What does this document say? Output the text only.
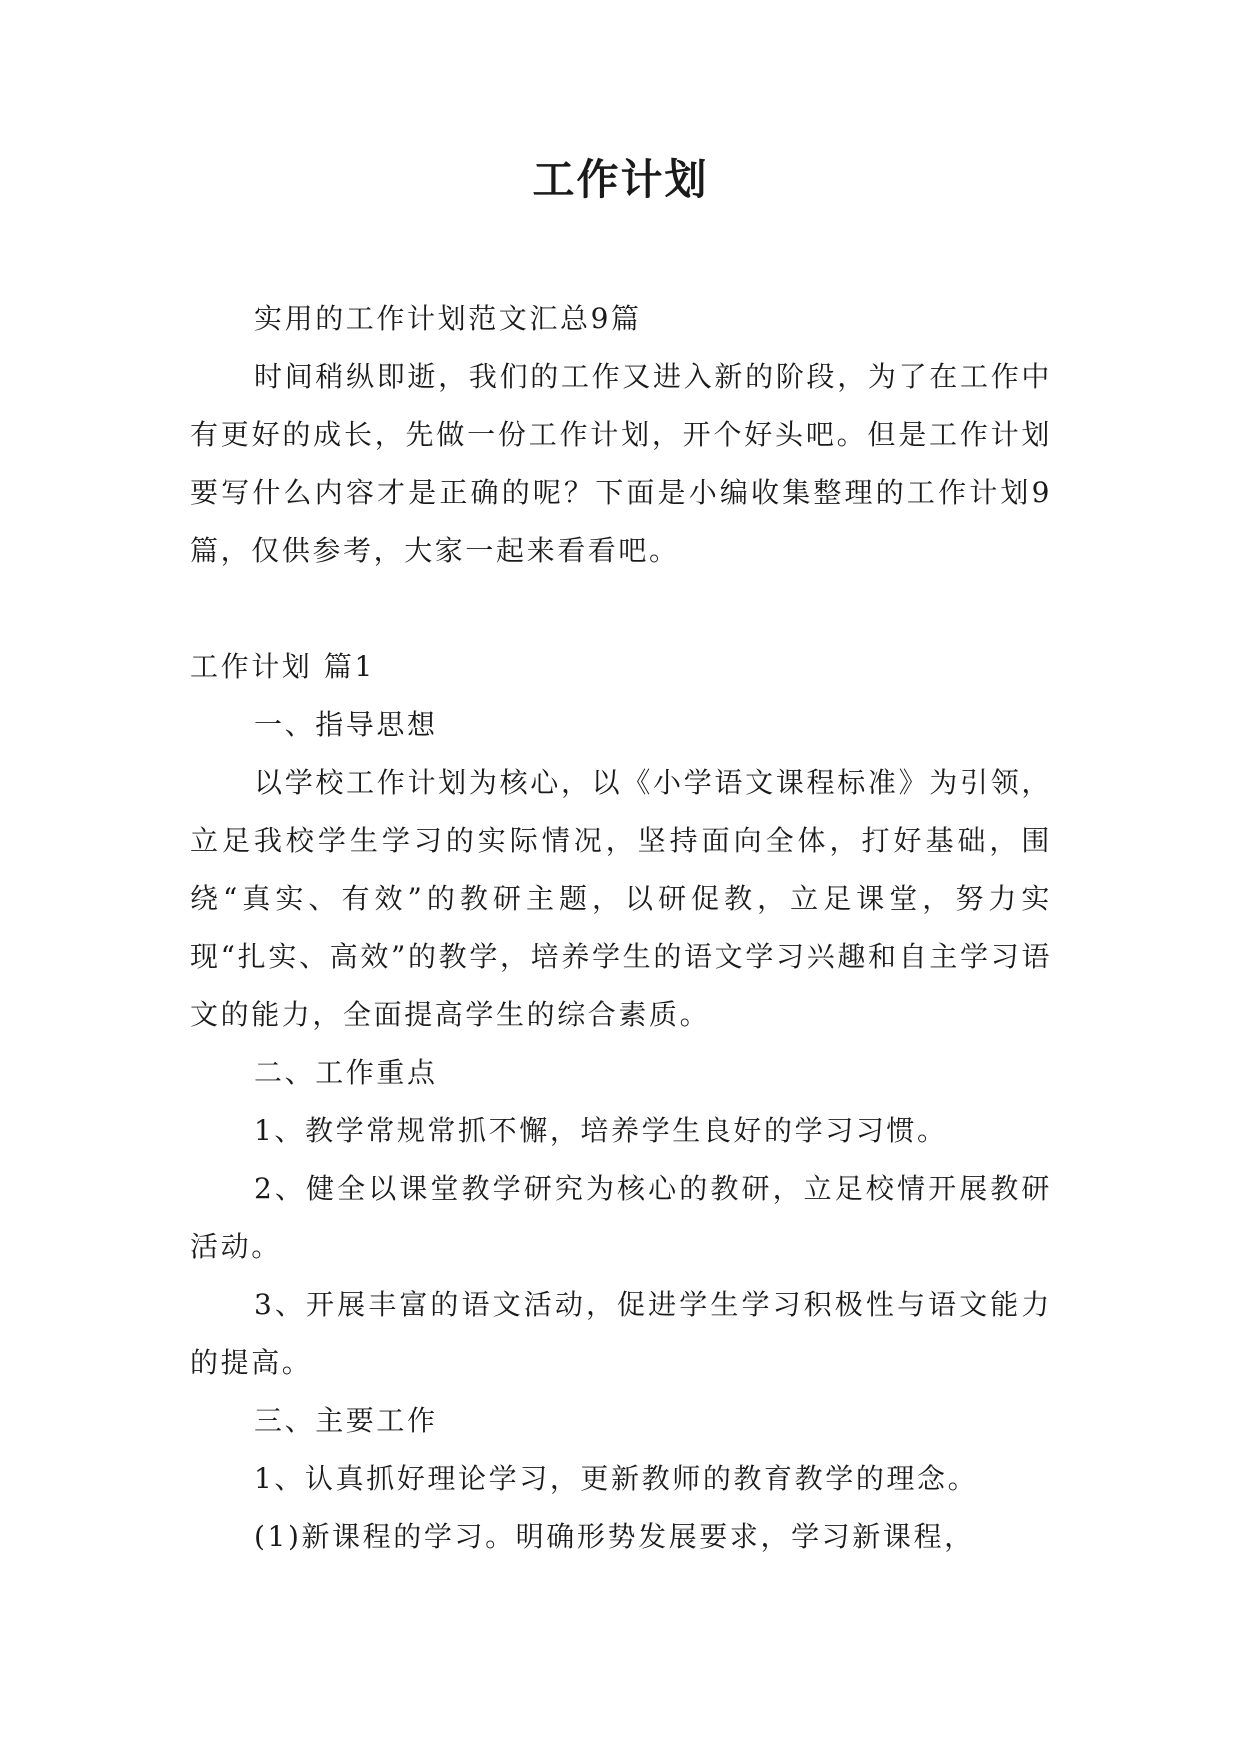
工作计划

实用的工作计划范文汇总9篇

时间稍纵即逝，我们的工作又进入新的阶段，为了在工作中有更好的成长，先做一份工作计划，开个好头吧。但是工作计划要写什么内容才是正确的呢？下面是小编收集整理的工作计划9篇，仅供参考，大家一起来看看吧。

工作计划 篇1

一、指导思想

以学校工作计划为核心，以《小学语文课程标准》为引领，立足我校学生学习的实际情况，坚持面向全体，打好基础，围绕“真实、有效”的教研主题，以研促教，立足课堂，努力实现“扎实、高效”的教学，培养学生的语文学习兴趣和自主学习语文的能力，全面提高学生的综合素质。

二、工作重点

1、教学常规常抓不懈，培养学生良好的学习习惯。

2、健全以课堂教学研究为核心的教研，立足校情开展教研活动。

3、开展丰富的语文活动，促进学生学习积极性与语文能力的提高。

三、主要工作

1、认真抓好理论学习，更新教师的教育教学的理念。

(1)新课程的学习。明确形势发展要求，学习新课程，
